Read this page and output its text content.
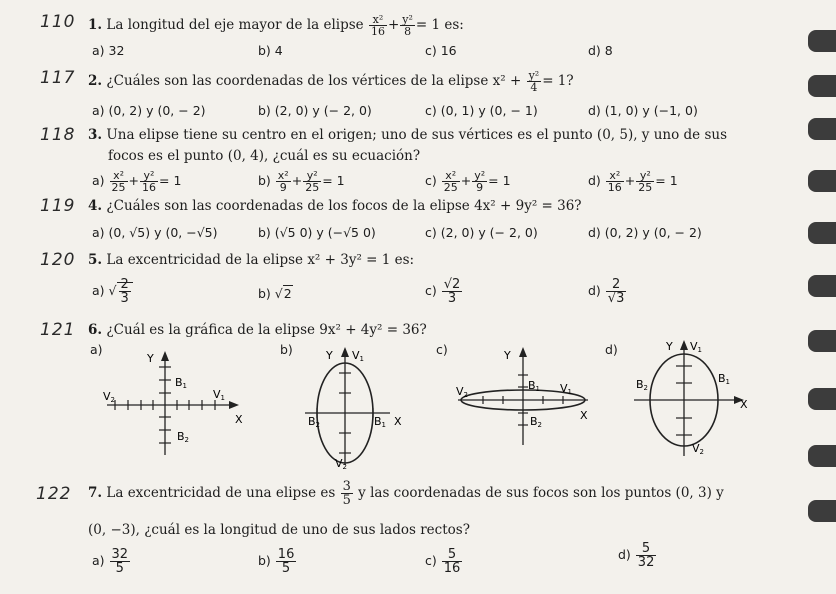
110 1. La longitud del eje mayor de la elipse $\frac{\text{x²}}{16} + \frac{\text{y²}}{8} = 1$ es:
a) 32	b) 4	c) 16	d) 8
117 2. ¿Cuáles son las coordenadas de los vértices de la elipse $x^2 + \frac{\text{y²}}{4} = 1$?
a) (0, 2) y (0, − 2)	b) (2, 0) y (− 2, 0)	c) (0, 1) y (0, − 1)	d) (1, 0) y (−1, 0)
118 3. Una elipse tiene su centro en el origen; uno de sus vértices es el punto (0, 5), y uno de sus
focos es el punto (0, 4), ¿cuál es su ecuación?
$a) \frac{\text{x²}}{25} + \frac{\text{y²}}{16} = 1$	$b) \frac{\text{x²}}{9} + \frac{\text{y²}}{25} = 1$	$c) \frac{\text{x²}}{25} + \frac{\text{y²}}{9} = 1$	$d) \frac{\text{x²}}{16} + \frac{\text{y²}}{25} = 1$
119 4. ¿Cuáles son las coordenadas de los focos de la elipse 4x² + 9y² = 36?
a) (0, √5) y (0, −√5)	b) (√5 0) y (−√5 0)	c) (2, 0) y (− 2, 0)	d) (0, 2) y (0, − 2)
120 5. La excentricidad de la elipse x² + 3y² = 1 es:
a) √ $\frac{2}{3}$	b) √2	$c) \frac{√2}{3}$	$d) \frac{2}{√3}$
121 6. ¿Cuál es la gráfica de la elipse 9x² + 4y² = 36?
a)
Y
B1
V2	V1
X
B2
b)	Y V1
B2	B1 X
V2
c)	Y
B1 V1
V2
B2
X
d)	Y V1
B2
B1
X
V2
122 7. La excentricidad de una elipse es $\frac{3}{5}$ y las coordenadas de sus focos son los puntos (0, 3) y
(0, −3), ¿cuál es la longitud de uno de sus lados rectos?
$a) \frac{32}{5}$	$b) \frac{16}{5}$	$c) \frac{5}{16}$	$d) \frac{5}{32}$
